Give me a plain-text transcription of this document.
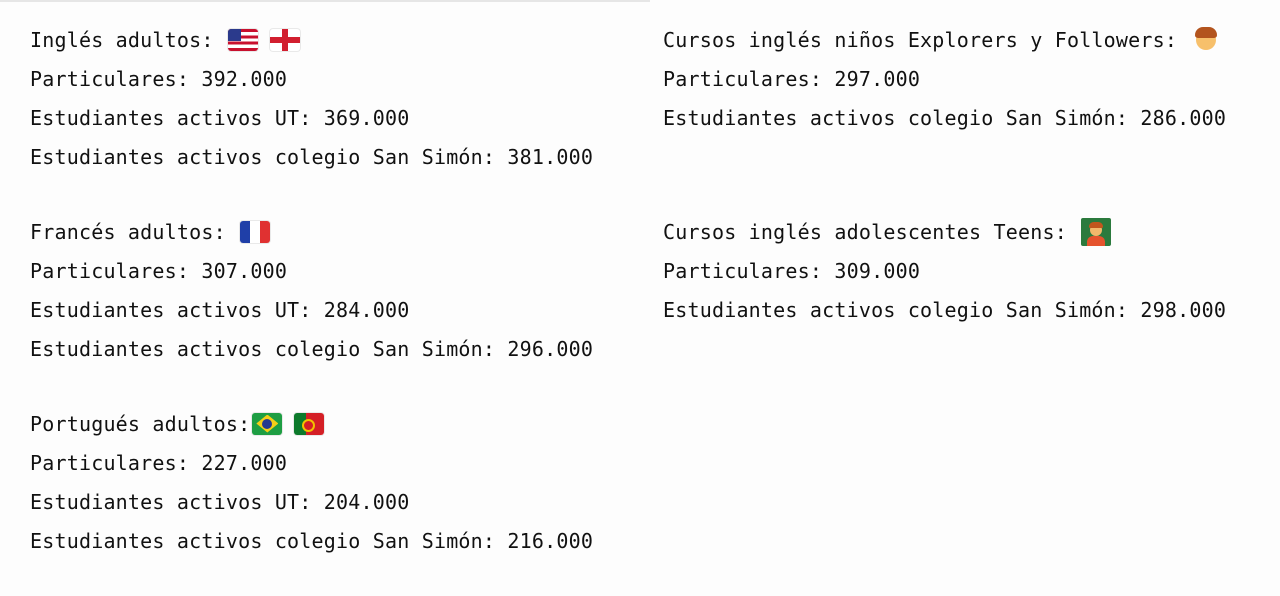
Inglés adultos:
Particulares: 392.000
Estudiantes activos UT: 369.000
Estudiantes activos colegio San Simón: 381.000
Francés adultos:
Particulares: 307.000
Estudiantes activos UT: 284.000
Estudiantes activos colegio San Simón: 296.000
Portugués adultos:
Particulares: 227.000
Estudiantes activos UT: 204.000
Estudiantes activos colegio San Simón: 216.000
Cursos inglés niños Explorers y Followers:
Particulares: 297.000
Estudiantes activos colegio San Simón: 286.000
Cursos inglés adolescentes Teens:
Particulares: 309.000
Estudiantes activos colegio San Simón: 298.000
